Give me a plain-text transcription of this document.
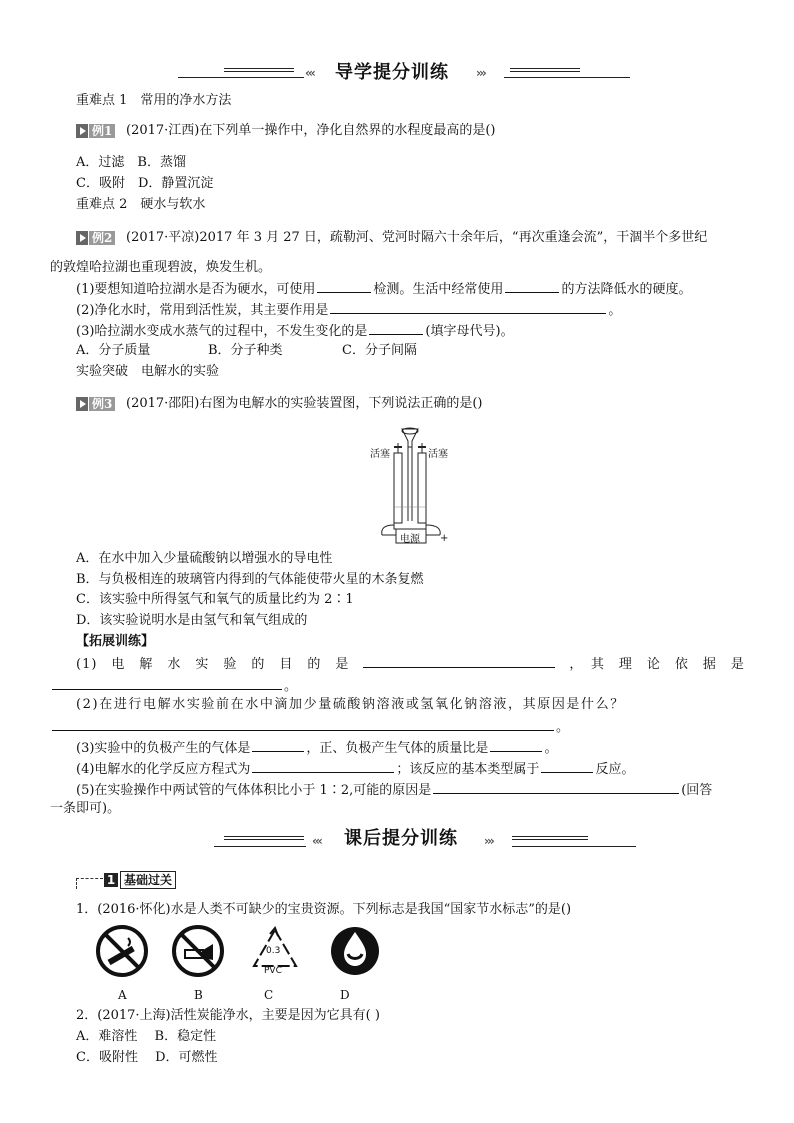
‹‹‹ 导学提分训练 ›››
重难点 1　常用的净水方法
例1 (2017·江西)在下列单一操作中，净化自然界的水程度最高的是()
A．过滤　B．蒸馏
C．吸附　D．静置沉淀
重难点 2　硬水与软水
例2 (2017·平凉)2017 年 3 月 27 日，疏勒河、党河时隔六十余年后，“再次重逢会流”，干涸半个多世纪
的敦煌哈拉湖也重现碧波，焕发生机。
(1)要想知道哈拉湖水是否为硬水，可使用	检测。生活中经常使用	的方法降低水的硬度。
(2)净化水时，常用到活性炭，其主要作用是	。
(3)哈拉湖水变成水蒸气的过程中，不发生变化的是	(填字母代号)。
A．分子质量	B．分子种类	C．分子间隔
实验突破　电解水的实验
例3 (2017·邵阳)右图为电解水的实验装置图，下列说法正确的是()
活塞	活塞
电源 +
A．在水中加入少量硫酸钠以增强水的导电性
B．与负极相连的玻璃管内得到的气体能使带火星的木条复燃
C．该实验中所得氢气和氧气的质量比约为 2∶1
D．该实验说明水是由氢气和氧气组成的
【拓展训练】
(1)　电　解　水　实　验　的　目　的　是	，　其　理　论　依　据　是
。
(2)在进行电解水实验前在水中滴加少量硫酸钠溶液或氢氧化钠溶液，其原因是什么？
。
(3)实验中的负极产生的气体是	，正、负极产生气体的质量比是	。
(4)电解水的化学反应方程式为	；该反应的基本类型属于	反应。
(5)在实验操作中两试管的气体体积比小于 1∶2,可能的原因是	(回答
一条即可)。
‹‹‹ 课后提分训练 ›››
1 基础过关
1．(2016·怀化)水是人类不可缺少的宝贵资源。下列标志是我国“国家节水标志”的是()
0.3
PVC
A	B	C	D
2．(2017·上海)活性炭能净水，主要是因为它具有( )
A．难溶性　 B．稳定性
C．吸附性　 D．可燃性
